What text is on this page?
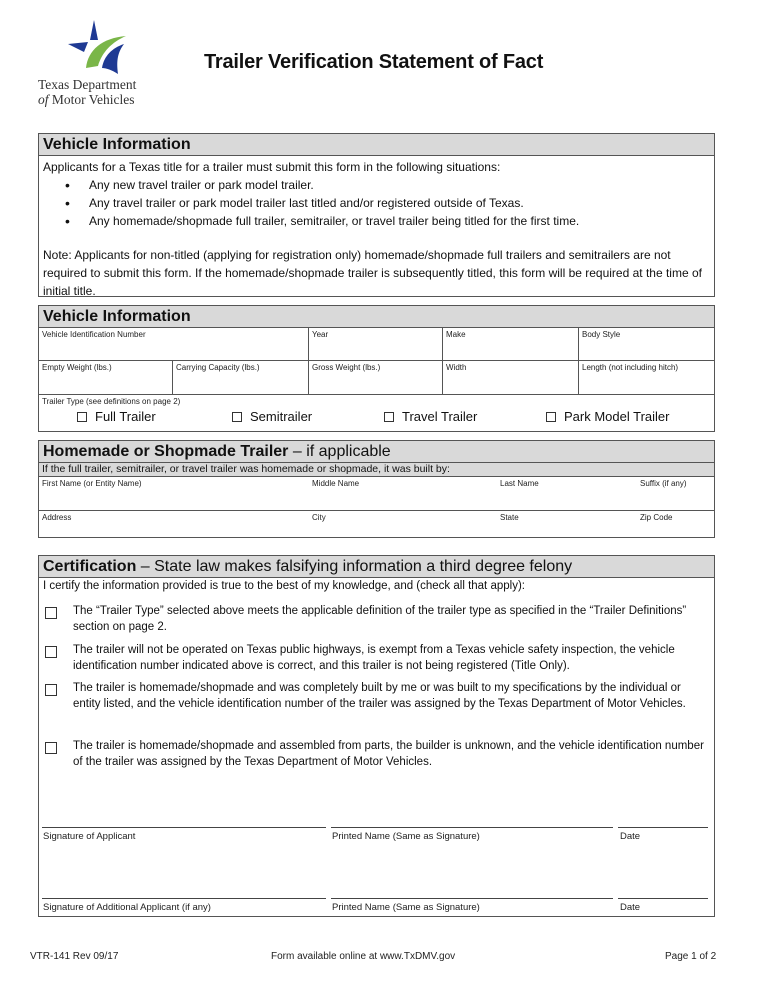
Texas Department
of Motor Vehicles
Trailer Verification Statement of Fact
Vehicle Information
Applicants for a Texas title for a trailer must submit this form in the following situations:
• Any new travel trailer or park model trailer.
• Any travel trailer or park model trailer last titled and/or registered outside of Texas.
• Any homemade/shopmade full trailer, semitrailer, or travel trailer being titled for the first time.
Note: Applicants for non-titled (applying for registration only) homemade/shopmade full trailers and semitrailers are not required to submit this form. If the homemade/shopmade trailer is subsequently titled, this form will be required at the time of initial title.
Vehicle Information
Vehicle Identification Number	Year	Make	Body Style
Empty Weight (lbs.)	Carrying Capacity (lbs.)	Gross Weight (lbs.)	Width	Length (not including hitch)
Trailer Type (see definitions on page 2)
Full Trailer	Semitrailer	Travel Trailer	Park Model Trailer
Homemade or Shopmade Trailer – if applicable
If the full trailer, semitrailer, or travel trailer was homemade or shopmade, it was built by:
First Name (or Entity Name)	Middle Name	Last Name	Suffix (if any)
Address	City	State	Zip Code
Certification – State law makes falsifying information a third degree felony
I certify the information provided is true to the best of my knowledge, and (check all that apply):
The “Trailer Type” selected above meets the applicable definition of the trailer type as specified in the “Trailer Definitions” section on page 2.
The trailer will not be operated on Texas public highways, is exempt from a Texas vehicle safety inspection, the vehicle identification number indicated above is correct, and this trailer is not being registered (Title Only).
The trailer is homemade/shopmade and was completely built by me or was built to my specifications by the individual or entity listed, and the vehicle identification number of the trailer was assigned by the Texas Department of Motor Vehicles.
The trailer is homemade/shopmade and assembled from parts, the builder is unknown, and the vehicle identification number of the trailer was assigned by the Texas Department of Motor Vehicles.
Signature of Applicant	Printed Name (Same as Signature)	Date
Signature of Additional Applicant (if any)	Printed Name (Same as Signature)	Date
VTR-141 Rev 09/17	Form available online at www.TxDMV.gov	Page 1 of 2
